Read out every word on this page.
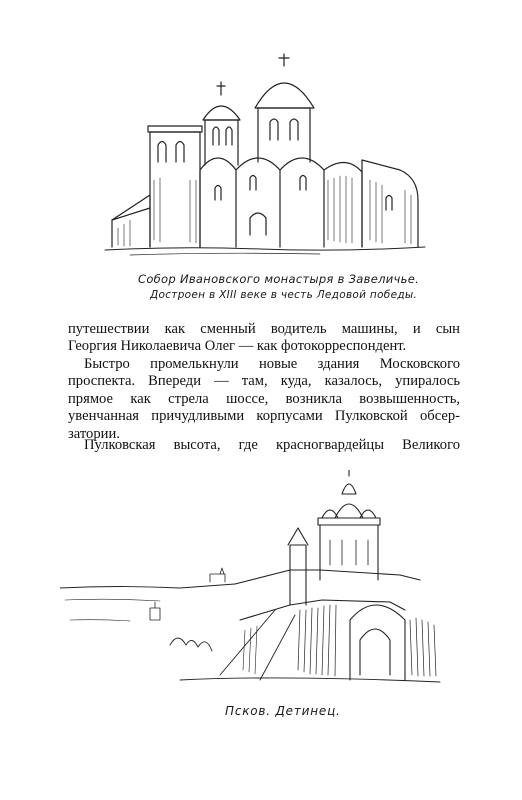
Собор Ивановского монастыря в Завеличье.
Достроен в XIII веке в честь Ледовой победы.
путешествии как сменный водитель машины, и сын
Георгия Николаевича Олег — как фотокорреспондент.
Быстро промелькнули новые здания Московского
проспекта. Впереди — там, куда, казалось, упиралось
прямое как стрела шоссе, возникла возвышенность,
увенчанная причудливыми корпусами Пулковской обсер-
затории.
Пулковская высота, где красногвардейцы Великого
Псков. Детинец.
